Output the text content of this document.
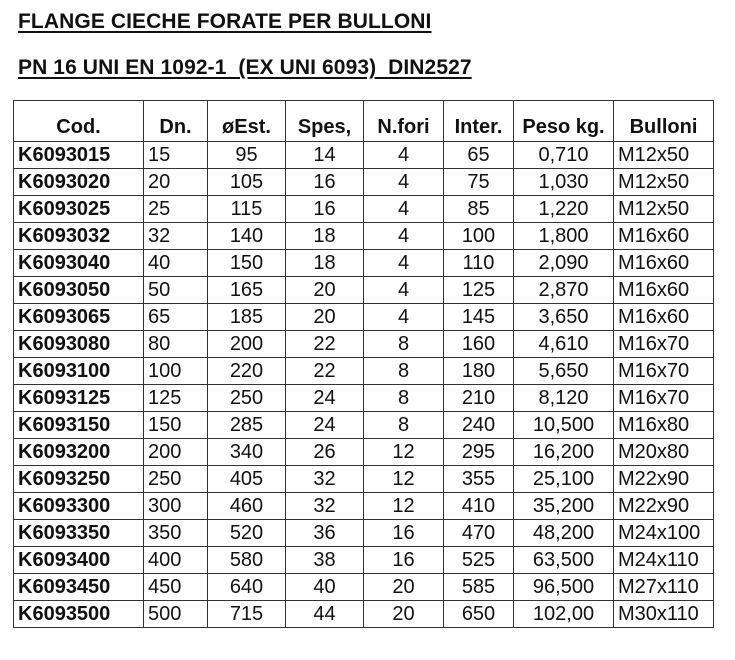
FLANGE CIECHE FORATE PER BULLONI
PN 16 UNI EN 1092-1  (EX UNI 6093)  DIN2527
Cod.	Dn.	øEst.	Spes,	N.fori	Inter.	Peso kg.	Bulloni
K6093015	15	95	14	4	65	0,710	M12x50
K6093020	20	105	16	4	75	1,030	M12x50
K6093025	25	115	16	4	85	1,220	M12x50
K6093032	32	140	18	4	100	1,800	M16x60
K6093040	40	150	18	4	110	2,090	M16x60
K6093050	50	165	20	4	125	2,870	M16x60
K6093065	65	185	20	4	145	3,650	M16x60
K6093080	80	200	22	8	160	4,610	M16x70
K6093100	100	220	22	8	180	5,650	M16x70
K6093125	125	250	24	8	210	8,120	M16x70
K6093150	150	285	24	8	240	10,500	M16x80
K6093200	200	340	26	12	295	16,200	M20x80
K6093250	250	405	32	12	355	25,100	M22x90
K6093300	300	460	32	12	410	35,200	M22x90
K6093350	350	520	36	16	470	48,200	M24x100
K6093400	400	580	38	16	525	63,500	M24x110
K6093450	450	640	40	20	585	96,500	M27x110
K6093500	500	715	44	20	650	102,00	M30x110
